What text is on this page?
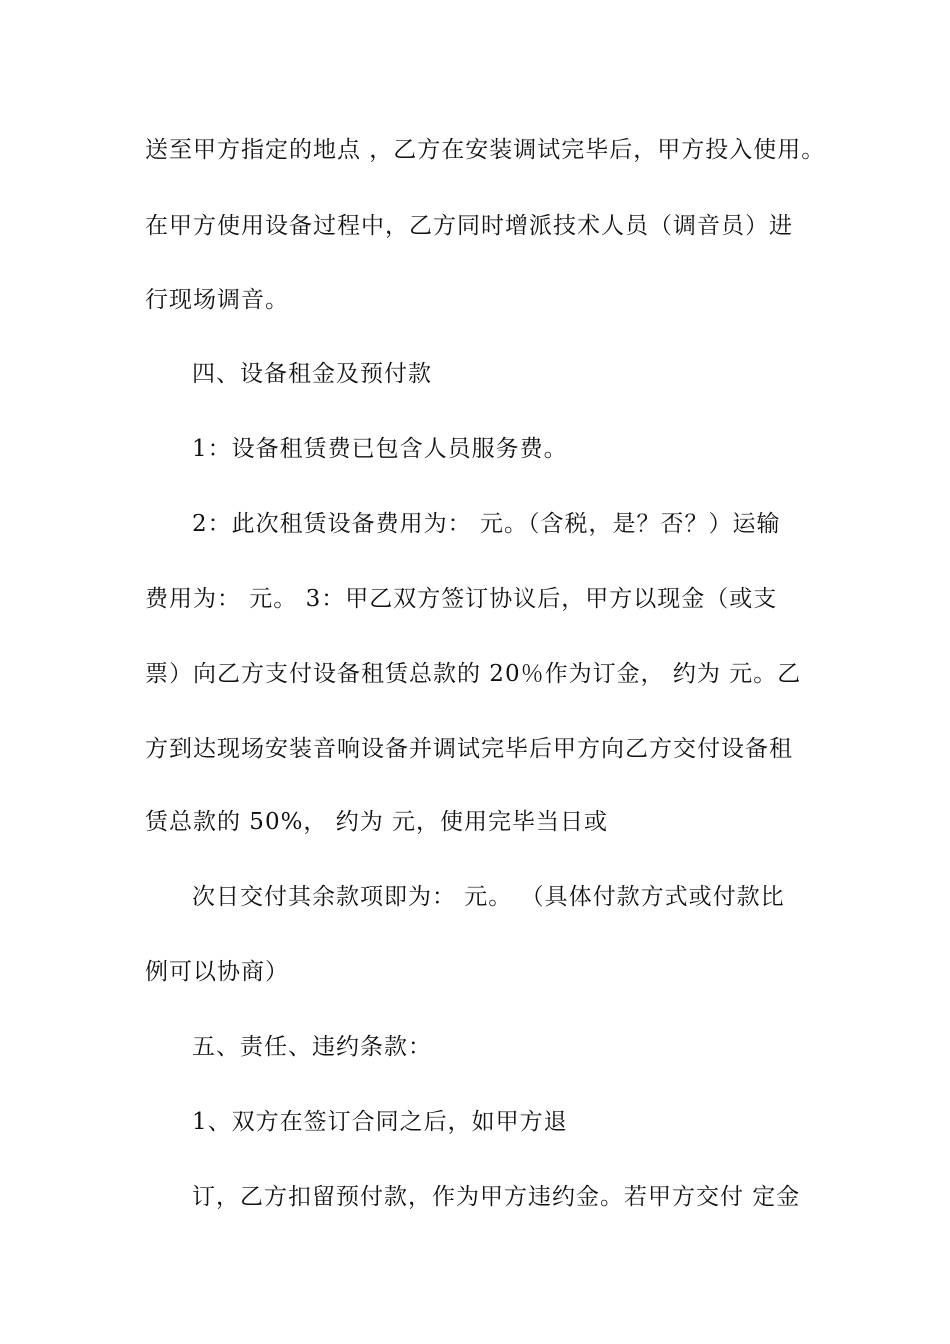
送至甲方指定的地点 ，乙方在安装调试完毕后，甲方投入使用。
在甲方使用设备过程中，乙方同时增派技术人员（调音员）进
行现场调音。
四、设备租金及预付款
1：设备租赁费已包含人员服务费。
2：此次租赁设备费用为： 元。（含税，是？否？）运输
费用为： 元。 3：甲乙双方签订协议后，甲方以现金（或支
票）向乙方支付设备租赁总款的 20％作为订金， 约为 元。乙
方到达现场安装音响设备并调试完毕后甲方向乙方交付设备租
赁总款的 50%， 约为 元，使用完毕当日或
次日交付其余款项即为： 元。 （具体付款方式或付款比
例可以协商）
五、责任、违约条款：
1、双方在签订合同之后，如甲方退
订，乙方扣留预付款，作为甲方违约金。若甲方交付 定金
